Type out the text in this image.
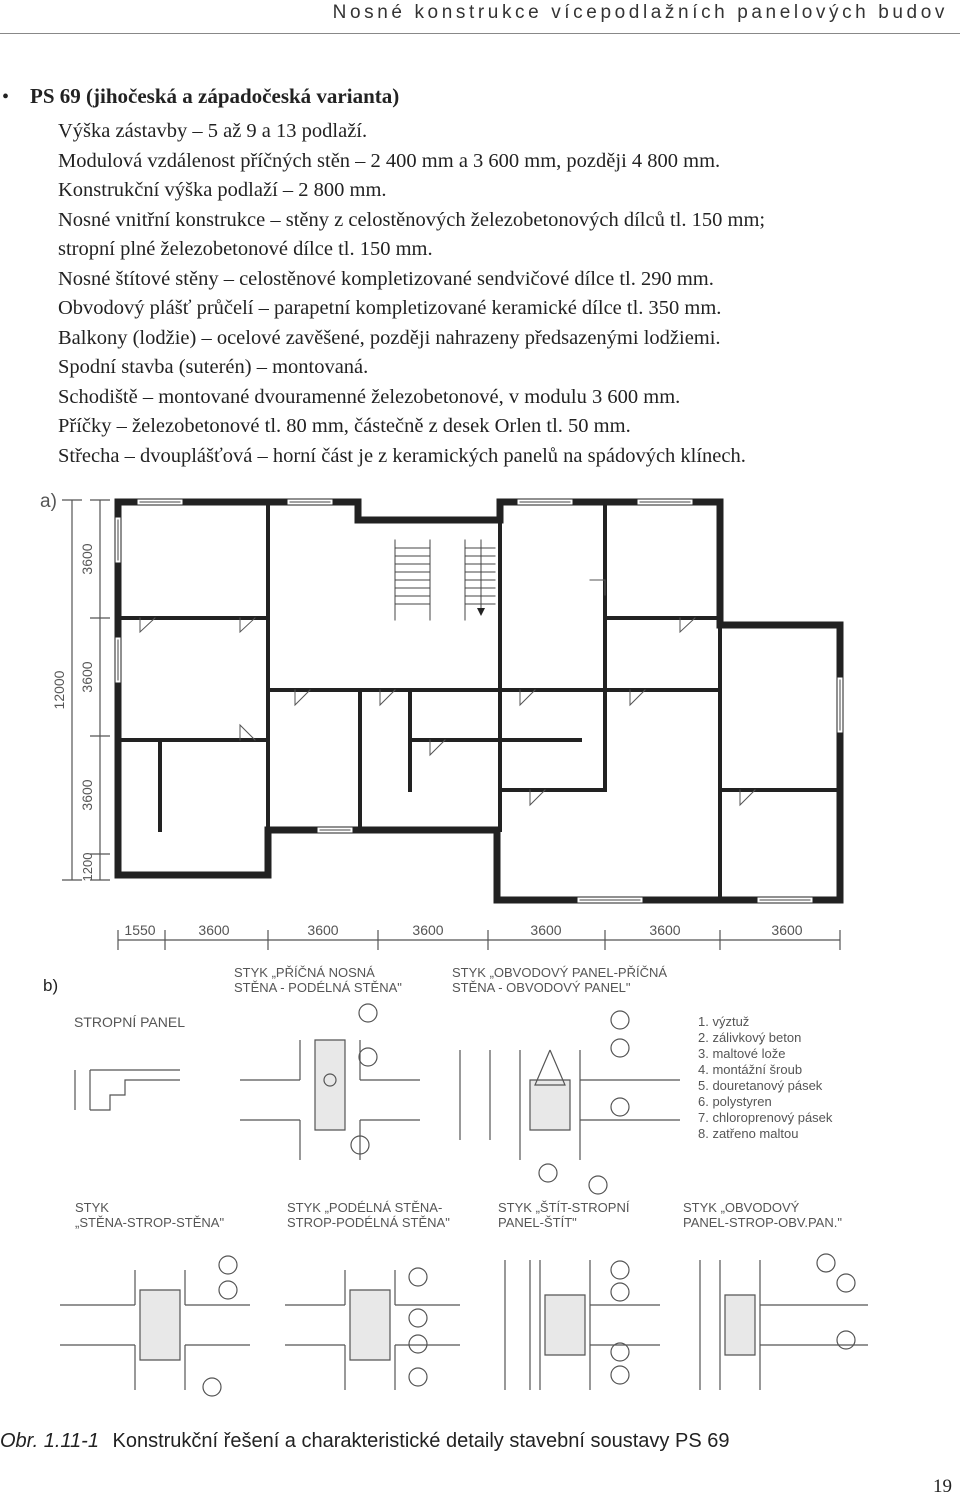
Nosné konstrukce vícepodlažních panelových budov
• PS 69 (jihočeská a západočeská varianta)
Výška zástavby – 5 až 9 a 13 podlaží.
Modulová vzdálenost příčných stěn – 2 400 mm a 3 600 mm, později 4 800 mm.
Konstrukční výška podlaží – 2 800 mm.
Nosné vnitřní konstrukce – stěny z celostěnových železobetonových dílců tl. 150 mm;
stropní plné železobetonové dílce tl. 150 mm.
Nosné štítové stěny – celostěnové kompletizované sendvičové dílce tl. 290 mm.
Obvodový plášť průčelí – parapetní kompletizované keramické dílce tl. 350 mm.
Balkony (lodžie) – ocelové zavěšené, později nahrazeny předsazenými lodžiemi.
Spodní stavba (suterén) – montovaná.
Schodiště – montované dvouramenné železobetonové, v modulu 3 600 mm.
Příčky – železobetonové tl. 80 mm, částečně z desek Orlen tl. 50 mm.
Střecha – dvouplášťová – horní část je z keramických panelů na spádových klínech.
a)
3600
3600
3600
1200
12000
1550	3600	3600	3600	3600	3600	3600
b)
STYK „PŘÍČNÁ NOSNÁ
STĚNA - PODÉLNÁ STĚNA"
STYK „OBVODOVÝ PANEL-PŘÍČNÁ
STĚNA - OBVODOVÝ PANEL"
STROPNÍ PANEL	1. výztuž
2. zálivkový beton
3. maltové lože
4. montážní šroub
5. douretanový pásek
6. polystyren
7. chloroprenový pásek
8. zatřeno maltou
STYK
„STĚNA-STROP-STĚNA"
STYK „PODÉLNÁ STĚNA-
STROP-PODÉLNÁ STĚNA"
STYK „ŠTÍT-STROPNÍ
PANEL-ŠTÍT"
STYK „OBVODOVÝ
PANEL-STROP-OBV.PAN."
Obr. 1.11-1 Konstrukční řešení a charakteristické detaily stavební soustavy PS 69
19
